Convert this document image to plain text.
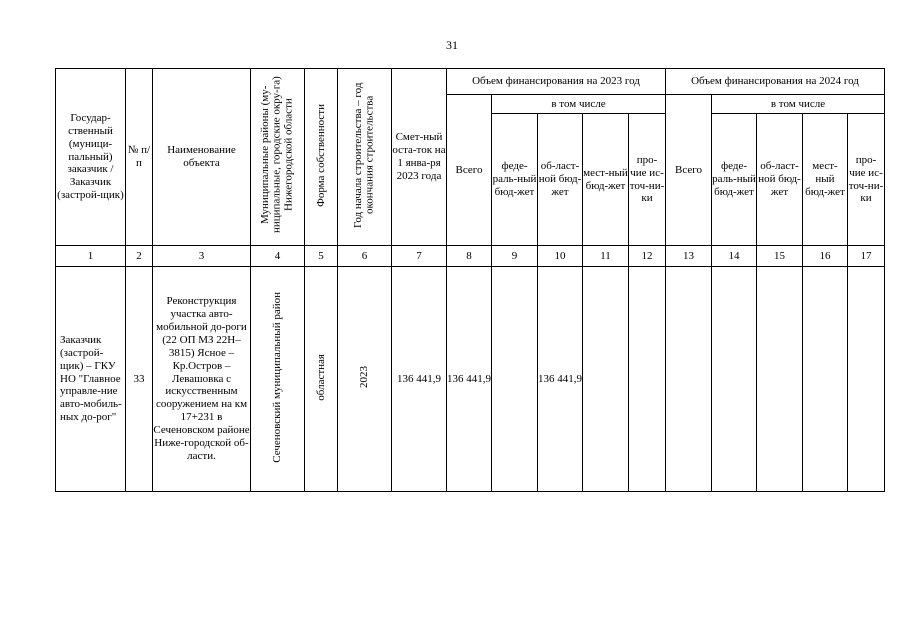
31
Государ-ственный (муници-пальный) заказчик / Заказчик (застрой-щик)	№ п/п	Наименование объекта	Муниципальные районы (му-ниципальные, городские окру-га) Нижегородской области	Форма собственности	Год начала строительства – год окончания строительства	Смет-ный оста-ток на 1 янва-ря 2023 года	Объем финансирования на 2023 год					Объем финансирования на 2024 год				
							Всего	в том числе				Всего	в том числе			
								феде-раль-ный бюд-жет	об-ласт-ной бюд-жет	мест-ный бюд-жет	про-чие ис-точ-ни-ки		феде-раль-ный бюд-жет	об-ласт-ной бюд-жет	мест-ный бюд-жет	про-чие ис-точ-ни-ки
1	2	3	4	5	6	7	8	9	10	11	12	13	14	15	16	17

Заказчик (застрой-щик) – ГКУ НО "Главное управле-ние авто-мобиль-ных до-рог"	33	Реконструкция участка авто-мобильной до-роги (22 ОП МЗ 22Н–3815) Ясное – Кр.Остров – Левашовка с искусственным сооружением на км 17+231 в Сеченовском районе Ниже-городской об-ласти.	Сеченовский муниципальный район	областная	2023	136 441,9	136 441,9		136 441,9							
